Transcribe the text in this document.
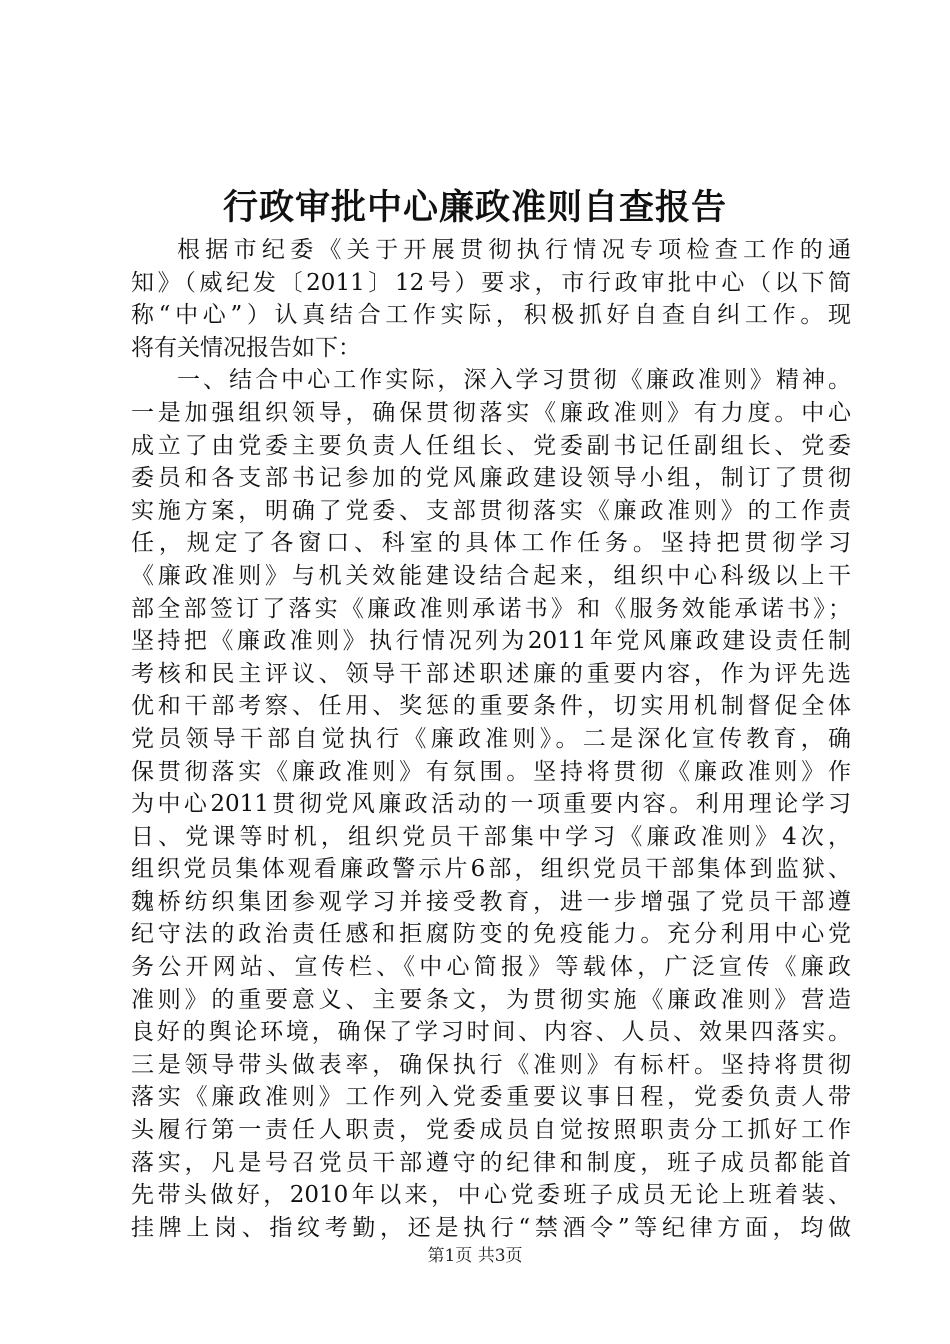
行政审批中心廉政准则自查报告
根据市纪委《关于开展贯彻执行情况专项检查工作的通
知》（威纪发〔2011〕12号）要求，市行政审批中心（以下简
称“中心”）认真结合工作实际，积极抓好自查自纠工作。现
将有关情况报告如下：
一、结合中心工作实际，深入学习贯彻《廉政准则》精神。
一是加强组织领导，确保贯彻落实《廉政准则》有力度。中心
成立了由党委主要负责人任组长、党委副书记任副组长、党委
委员和各支部书记参加的党风廉政建设领导小组，制订了贯彻
实施方案，明确了党委、支部贯彻落实《廉政准则》的工作责
任，规定了各窗口、科室的具体工作任务。坚持把贯彻学习
《廉政准则》与机关效能建设结合起来，组织中心科级以上干
部全部签订了落实《廉政准则承诺书》和《服务效能承诺书》；
坚持把《廉政准则》执行情况列为2011年党风廉政建设责任制
考核和民主评议、领导干部述职述廉的重要内容，作为评先选
优和干部考察、任用、奖惩的重要条件，切实用机制督促全体
党员领导干部自觉执行《廉政准则》。二是深化宣传教育，确
保贯彻落实《廉政准则》有氛围。坚持将贯彻《廉政准则》作
为中心2011贯彻党风廉政活动的一项重要内容。利用理论学习
日、党课等时机，组织党员干部集中学习《廉政准则》4次，
组织党员集体观看廉政警示片6部，组织党员干部集体到监狱、
魏桥纺织集团参观学习并接受教育，进一步增强了党员干部遵
纪守法的政治责任感和拒腐防变的免疫能力。充分利用中心党
务公开网站、宣传栏、《中心简报》等载体，广泛宣传《廉政
准则》的重要意义、主要条文，为贯彻实施《廉政准则》营造
良好的舆论环境，确保了学习时间、内容、人员、效果四落实。
三是领导带头做表率，确保执行《准则》有标杆。坚持将贯彻
落实《廉政准则》工作列入党委重要议事日程，党委负责人带
头履行第一责任人职责，党委成员自觉按照职责分工抓好工作
落实，凡是号召党员干部遵守的纪律和制度，班子成员都能首
先带头做好，2010年以来，中心党委班子成员无论上班着装、
挂牌上岗、指纹考勤，还是执行“禁酒令”等纪律方面，均做
第1页 共3页
